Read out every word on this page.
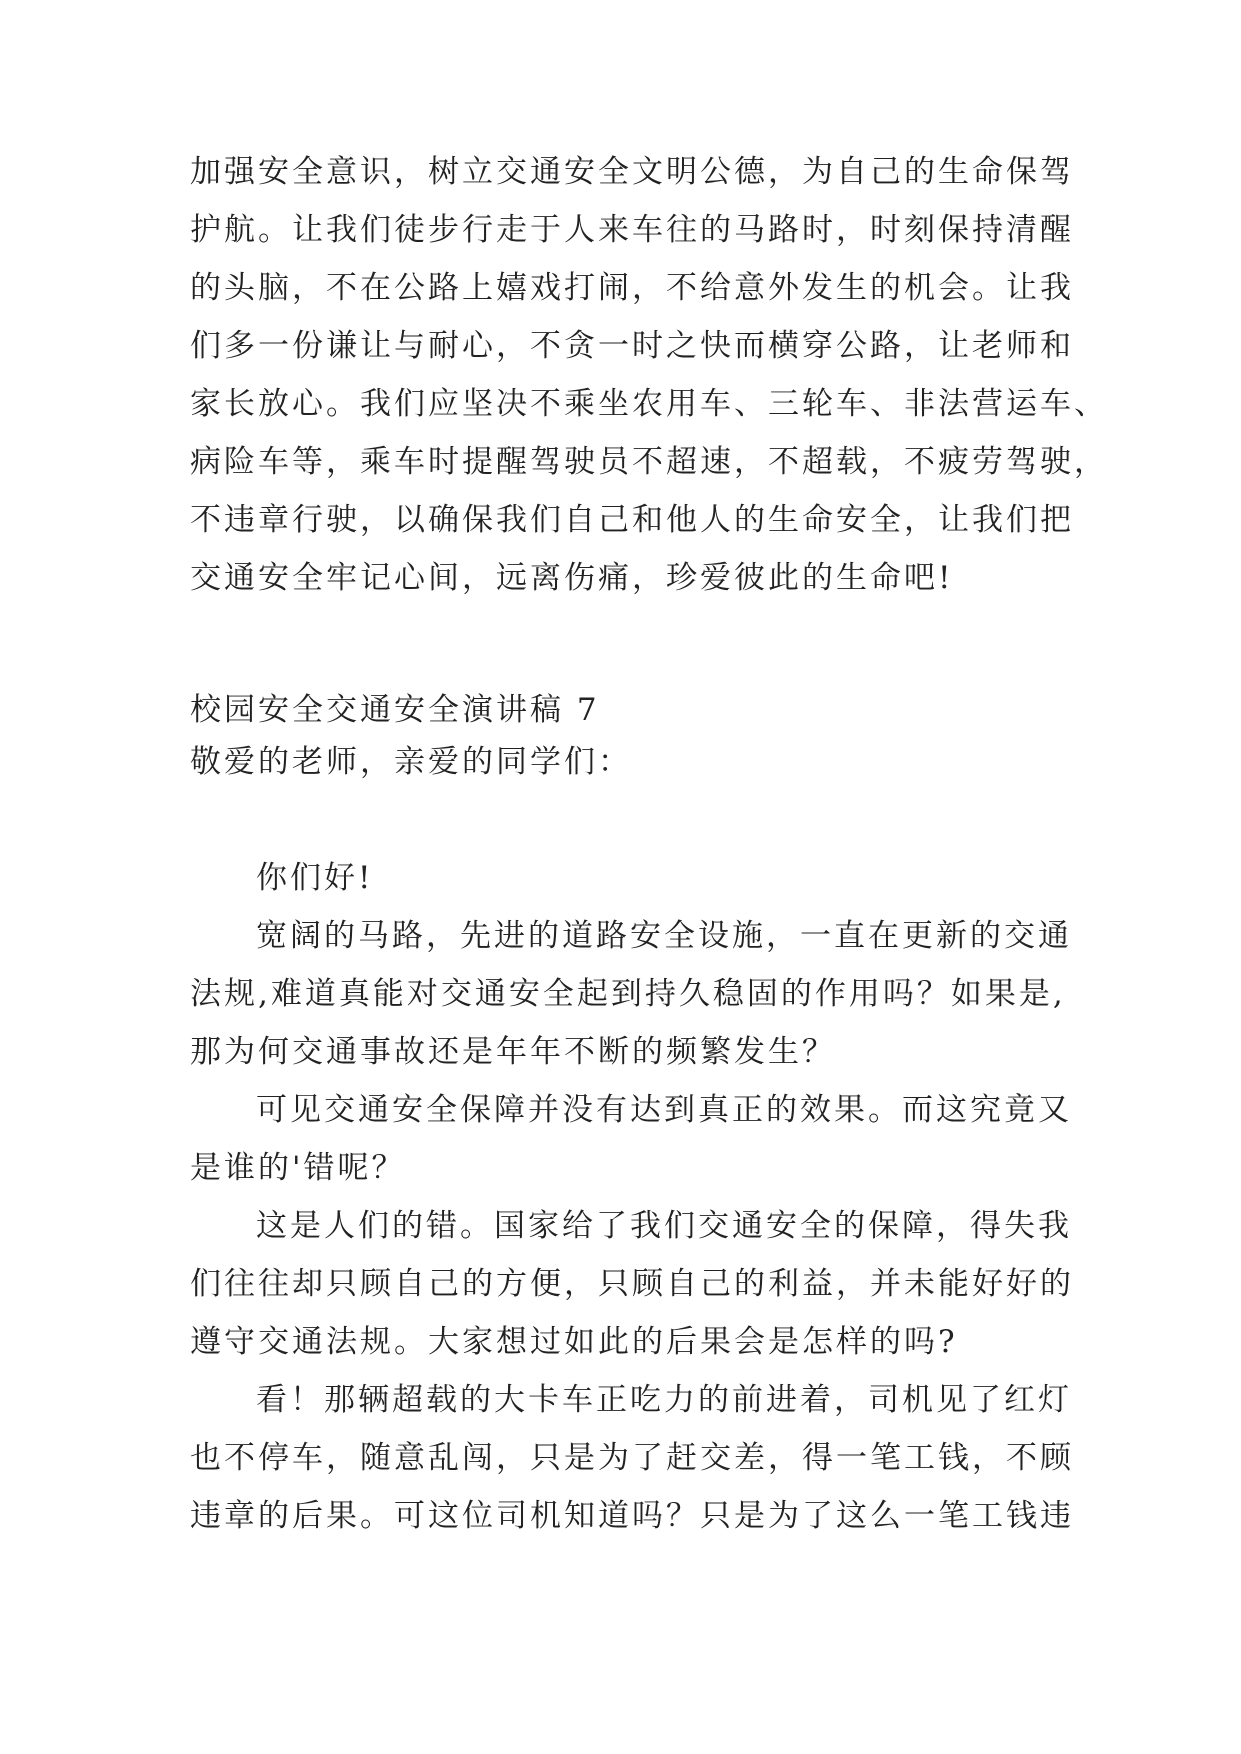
加强安全意识，树立交通安全文明公德，为自己的生命保驾
护航。让我们徒步行走于人来车往的马路时，时刻保持清醒
的头脑，不在公路上嬉戏打闹，不给意外发生的机会。让我
们多一份谦让与耐心，不贪一时之快而横穿公路，让老师和
家长放心。我们应坚决不乘坐农用车、三轮车、非法营运车、
病险车等，乘车时提醒驾驶员不超速，不超载，不疲劳驾驶，
不违章行驶，以确保我们自己和他人的生命安全，让我们把
交通安全牢记心间，远离伤痛，珍爱彼此的生命吧!
校园安全交通安全演讲稿 7
敬爱的老师，亲爱的同学们：
你们好!
宽阔的马路，先进的道路安全设施，一直在更新的交通
法规,难道真能对交通安全起到持久稳固的作用吗？如果是,
那为何交通事故还是年年不断的频繁发生？
可见交通安全保障并没有达到真正的效果。而这究竟又
是谁的'错呢？
这是人们的错。国家给了我们交通安全的保障，得失我
们往往却只顾自己的方便，只顾自己的利益，并未能好好的
遵守交通法规。大家想过如此的后果会是怎样的吗?
看！那辆超载的大卡车正吃力的前进着，司机见了红灯
也不停车，随意乱闯，只是为了赶交差，得一笔工钱，不顾
违章的后果。可这位司机知道吗？只是为了这么一笔工钱违
